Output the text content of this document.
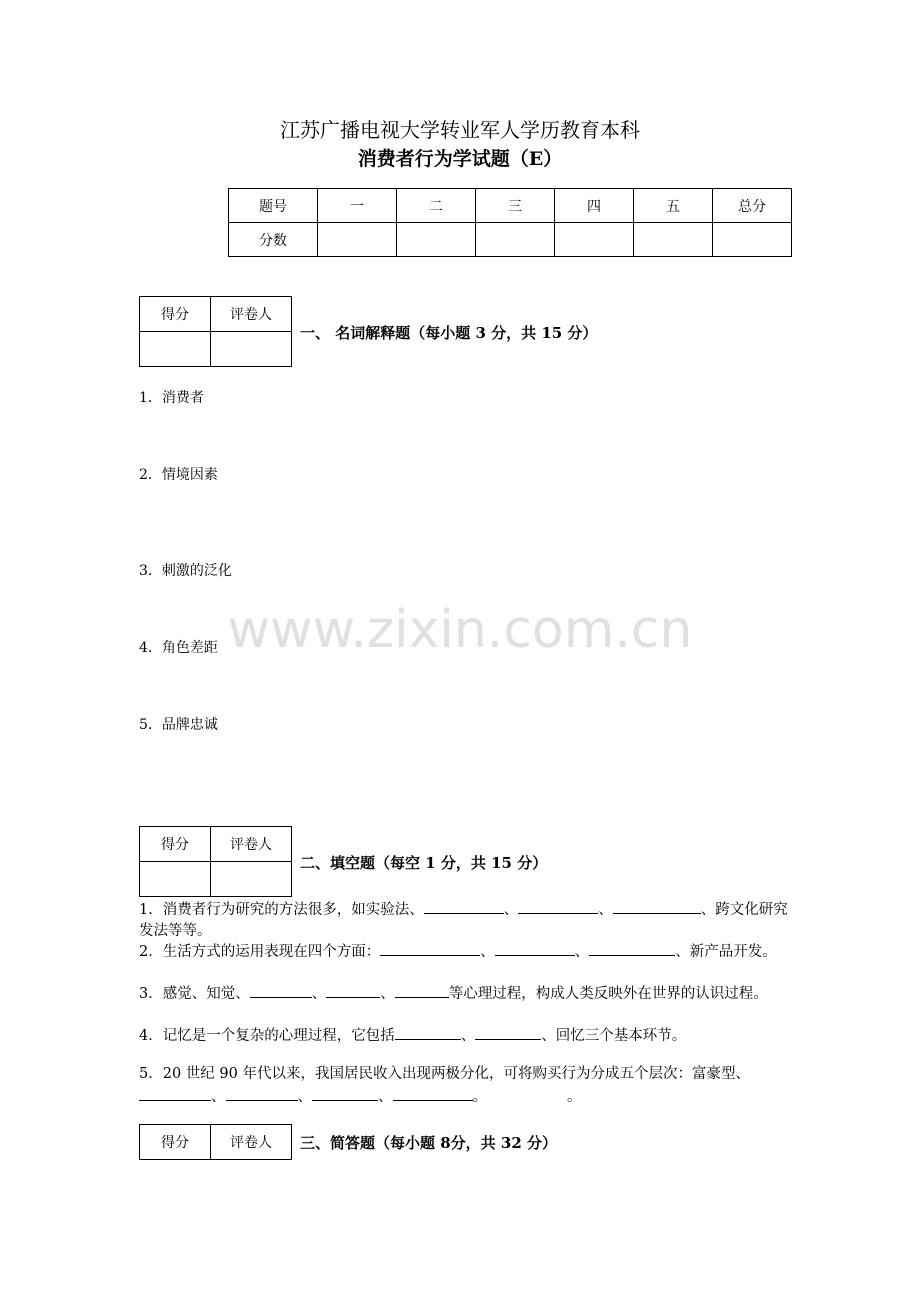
www.zixin.com.cn
江苏广播电视大学转业军人学历教育本科
消费者行为学试题（E）
题号	一	二	三	四	五	总分
分数						
得分	评卷人

一、 名词解释题（每小题 3 分，共 15 分）
1．消费者
2．情境因素
3．刺激的泛化
4．角色差距
5．品牌忠诚
得分	评卷人

二、填空题（每空 1 分，共 15 分）
1．消费者行为研究的方法很多，如实验法、	、	、	、跨文化研究发法等等。
2．生活方式的运用表现在四个方面：	、	、	、新产品开发。
3．感觉、知觉、	、	、	等心理过程，构成人类反映外在世界的认识过程。
4．记忆是一个复杂的心理过程，它包括	、	、回忆三个基本环节。
5．20 世纪 90 年代以来，我国居民收入出现两极分化，可将购买行为分成五个层次：富豪型、、	、	、	。	。
得分	评卷人 三、简答题（每小题 8分，共 32 分）
